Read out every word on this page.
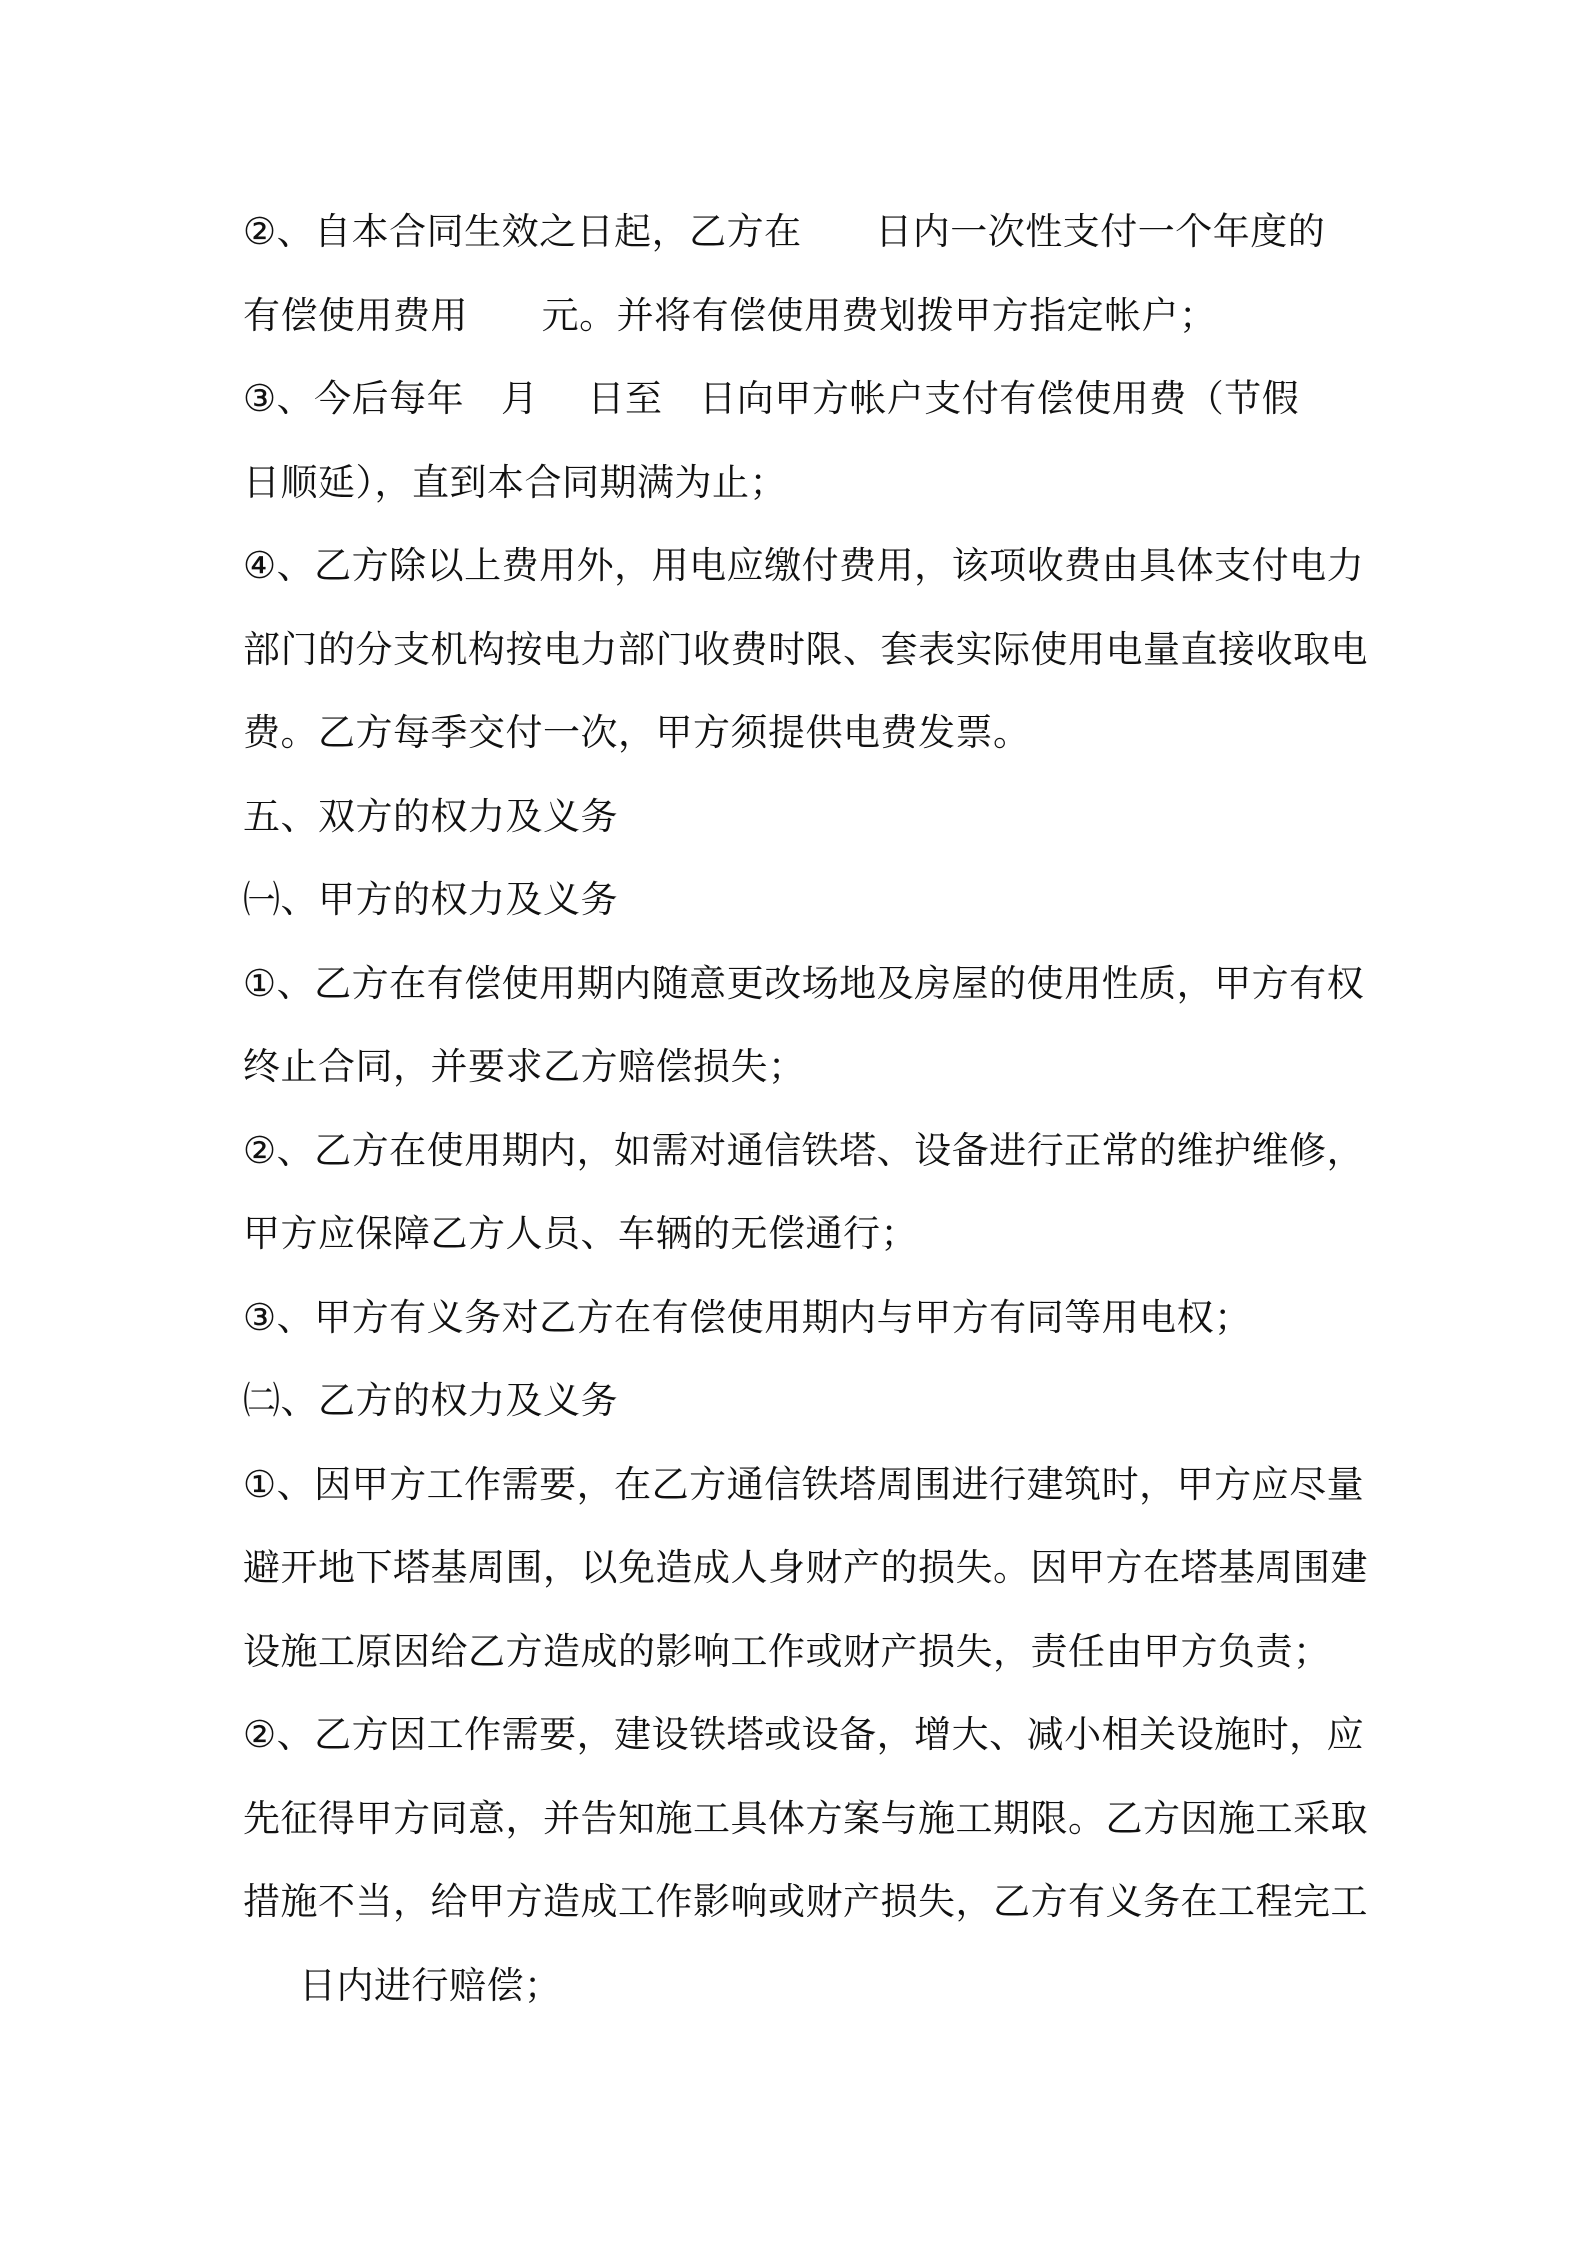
②、自本合同生效之日起，乙方在      日内一次性支付一个年度的
有偿使用费用      元。并将有偿使用费划拨甲方指定帐户；
③、今后每年   月    日至   日向甲方帐户支付有偿使用费（节假
日顺延），直到本合同期满为止；
④、乙方除以上费用外，用电应缴付费用，该项收费由具体支付电力
部门的分支机构按电力部门收费时限、套表实际使用电量直接收取电
费。乙方每季交付一次，甲方须提供电费发票。
五、双方的权力及义务
㈠、甲方的权力及义务
①、乙方在有偿使用期内随意更改场地及房屋的使用性质，甲方有权
终止合同，并要求乙方赔偿损失；
②、乙方在使用期内，如需对通信铁塔、设备进行正常的维护维修，
甲方应保障乙方人员、车辆的无偿通行；
③、甲方有义务对乙方在有偿使用期内与甲方有同等用电权；
㈡、乙方的权力及义务
①、因甲方工作需要，在乙方通信铁塔周围进行建筑时，甲方应尽量
避开地下塔基周围，以免造成人身财产的损失。因甲方在塔基周围建
设施工原因给乙方造成的影响工作或财产损失，责任由甲方负责；
②、乙方因工作需要，建设铁塔或设备，增大、减小相关设施时，应
先征得甲方同意，并告知施工具体方案与施工期限。乙方因施工采取
措施不当，给甲方造成工作影响或财产损失，乙方有义务在工程完工
日内进行赔偿；
